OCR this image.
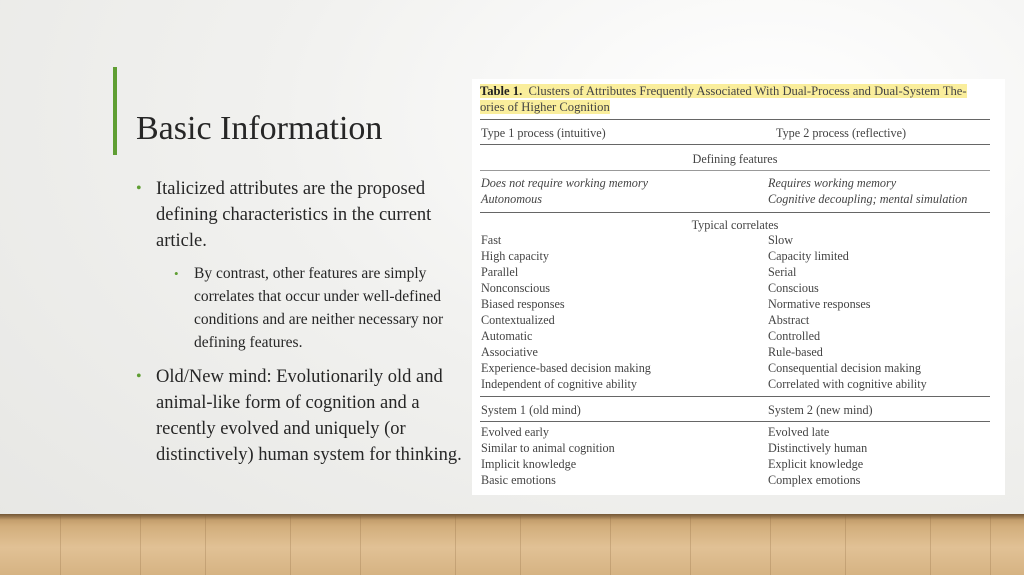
Basic Information
• Italicized attributes are the proposed defining characteristics in the current article.
• By contrast, other features are simply correlates that occur under well-defined conditions and are neither necessary nor defining features.
• Old/New mind: Evolutionarily old and animal-like form of cognition and a recently evolved and uniquely (or distinctively) human system for thinking.
Table 1. Clusters of Attributes Frequently Associated With Dual-Process and Dual-System The-
ories of Higher Cognition
Type 1 process (intuitive)	Type 2 process (reflective)
Defining features
Does not require working memory	Requires working memory
Autonomous	Cognitive decoupling; mental simulation
Typical correlates
Fast	Slow
High capacity	Capacity limited
Parallel	Serial
Nonconscious	Conscious
Biased responses	Normative responses
Contextualized	Abstract
Automatic	Controlled
Associative	Rule-based
Experience-based decision making	Consequential decision making
Independent of cognitive ability	Correlated with cognitive ability
System 1 (old mind)	System 2 (new mind)
Evolved early	Evolved late
Similar to animal cognition	Distinctively human
Implicit knowledge	Explicit knowledge
Basic emotions	Complex emotions
